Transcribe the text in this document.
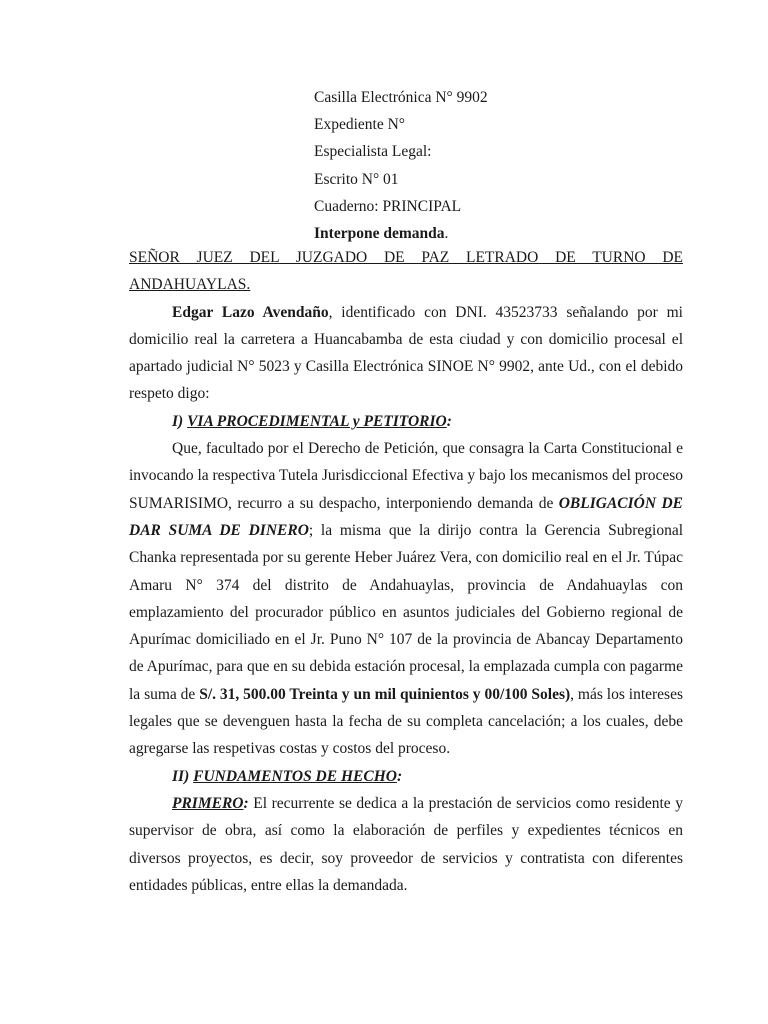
Casilla Electrónica N° 9902
Expediente N°
Especialista Legal:
Escrito N° 01
Cuaderno: PRINCIPAL
Interpone demanda.

SEÑOR JUEZ DEL JUZGADO DE PAZ LETRADO DE TURNO DE ANDAHUAYLAS.

Edgar Lazo Avendaño, identificado con DNI. 43523733 señalando por mi domicilio real la carretera a Huancabamba de esta ciudad y con domicilio procesal el apartado judicial N° 5023 y Casilla Electrónica SINOE N° 9902, ante Ud., con el debido respeto digo:

I) VIA PROCEDIMENTAL y PETITORIO:

Que, facultado por el Derecho de Petición, que consagra la Carta Constitucional e invocando la respectiva Tutela Jurisdiccional Efectiva y bajo los mecanismos del proceso SUMARISIMO, recurro a su despacho, interponiendo demanda de OBLIGACIÓN DE DAR SUMA DE DINERO; la misma que la dirijo contra la Gerencia Subregional Chanka representada por su gerente Heber Juárez Vera, con domicilio real en el Jr. Túpac Amaru N° 374 del distrito de Andahuaylas, provincia de Andahuaylas con emplazamiento del procurador público en asuntos judiciales del Gobierno regional de Apurímac domiciliado en el Jr. Puno N° 107 de la provincia de Abancay Departamento de Apurímac, para que en su debida estación procesal, la emplazada cumpla con pagarme la suma de S/. 31, 500.00 Treinta y un mil quinientos y 00/100 Soles), más los intereses legales que se devenguen hasta la fecha de su completa cancelación; a los cuales, debe agregarse las respetivas costas y costos del proceso.

II) FUNDAMENTOS DE HECHO:

PRIMERO: El recurrente se dedica a la prestación de servicios como residente y supervisor de obra, así como la elaboración de perfiles y expedientes técnicos en diversos proyectos, es decir, soy proveedor de servicios y contratista con diferentes entidades públicas, entre ellas la demandada.
